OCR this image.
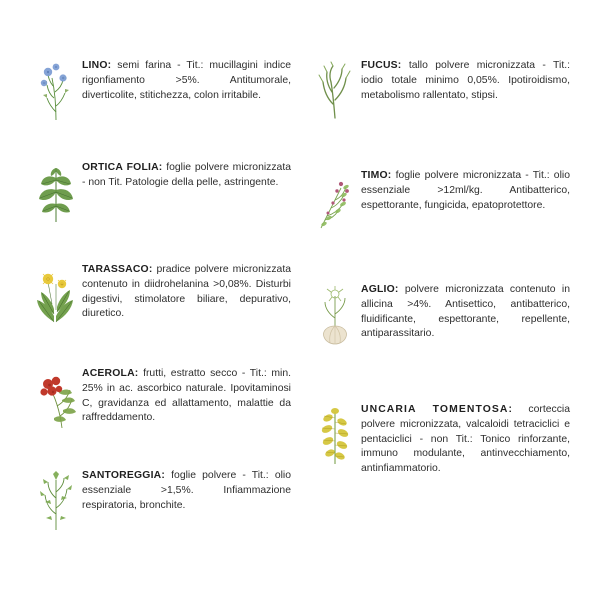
LINO: semi farina - Tit.: mucillagini indice rigonfiamento >5%. Antitumorale, diverticolite, stitichezza, colon irritabile.
ORTICA FOLIA: foglie polvere micronizzata - non Tit. Patologie della pelle, astringente.
TARASSACO: pradice polvere micronizzata contenuto in diidrohelanina >0,08%. Disturbi digestivi, stimolatore biliare, depurativo, diuretico.
ACEROLA: frutti, estratto secco - Tit.: min. 25% in ac. ascorbico naturale. Ipovitaminosi C, gravidanza ed allattamento, malattie da raffreddamento.
SANTOREGGIA: foglie polvere - Tit.: olio essenziale >1,5%. Infiammazione respiratoria, bronchite.
FUCUS: tallo polvere micronizzata - Tit.: iodio totale minimo 0,05%. Ipotiroidismo, metabolismo rallentato, stipsi.
TIMO: foglie polvere micronizzata - Tit.: olio essenziale >12ml/kg. Antibatterico, espettorante, fungicida, epatoprotettore.
AGLIO: polvere micronizzata contenuto in allicina >4%. Antisettico, antibatterico, fluidificante, espettorante, repellente, antiparassitario.
UNCARIA TOMENTOSA: corteccia polvere micronizzata, valcaloidi tetraciclici e pentaciclici - non Tit.: Tonico rinforzante, immuno modulante, antinvecchiamento, antinfiammatorio.
